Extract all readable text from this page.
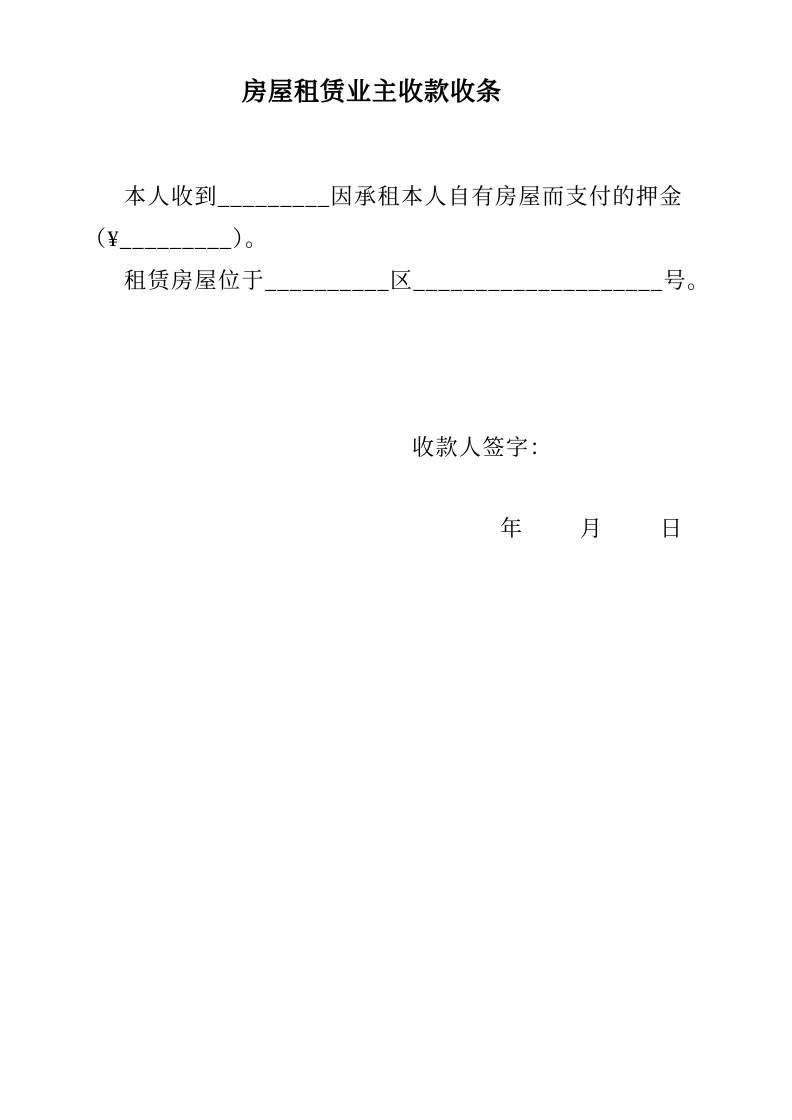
房屋租赁业主收款收条

本人收到_________因承租本人自有房屋而支付的押金

（¥_________）。

租赁房屋位于__________区____________________号。

收款人签字：

年	月	日
